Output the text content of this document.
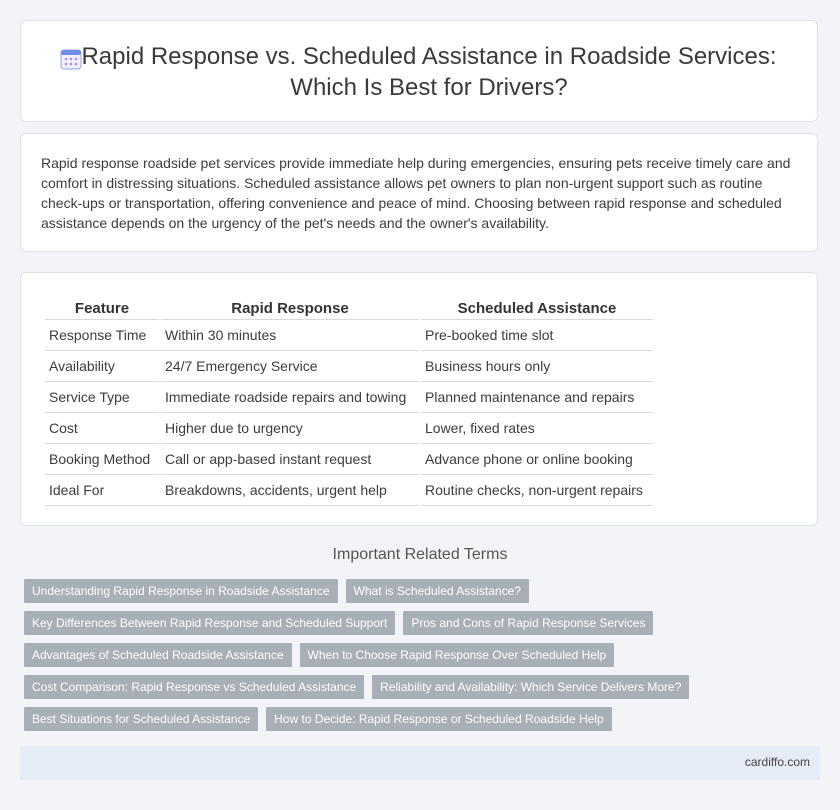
Rapid Response vs. Scheduled Assistance in Roadside Services: Which Is Best for Drivers?

Rapid response roadside pet services provide immediate help during emergencies, ensuring pets receive timely care and comfort in distressing situations. Scheduled assistance allows pet owners to plan non-urgent support such as routine check-ups or transportation, offering convenience and peace of mind. Choosing between rapid response and scheduled assistance depends on the urgency of the pet's needs and the owner's availability.

Feature	Rapid Response	Scheduled Assistance
Response Time	Within 30 minutes	Pre-booked time slot
Availability	24/7 Emergency Service	Business hours only
Service Type	Immediate roadside repairs and towing	Planned maintenance and repairs
Cost	Higher due to urgency	Lower, fixed rates
Booking Method	Call or app-based instant request	Advance phone or online booking
Ideal For	Breakdowns, accidents, urgent help	Routine checks, non-urgent repairs
Important Related Terms
Understanding Rapid Response in Roadside Assistance	What is Scheduled Assistance?
Key Differences Between Rapid Response and Scheduled Support	Pros and Cons of Rapid Response Services
Advantages of Scheduled Roadside Assistance	When to Choose Rapid Response Over Scheduled Help
Cost Comparison: Rapid Response vs Scheduled Assistance	Reliability and Availability: Which Service Delivers More?
Best Situations for Scheduled Assistance	How to Decide: Rapid Response or Scheduled Roadside Help
cardiffo.com
